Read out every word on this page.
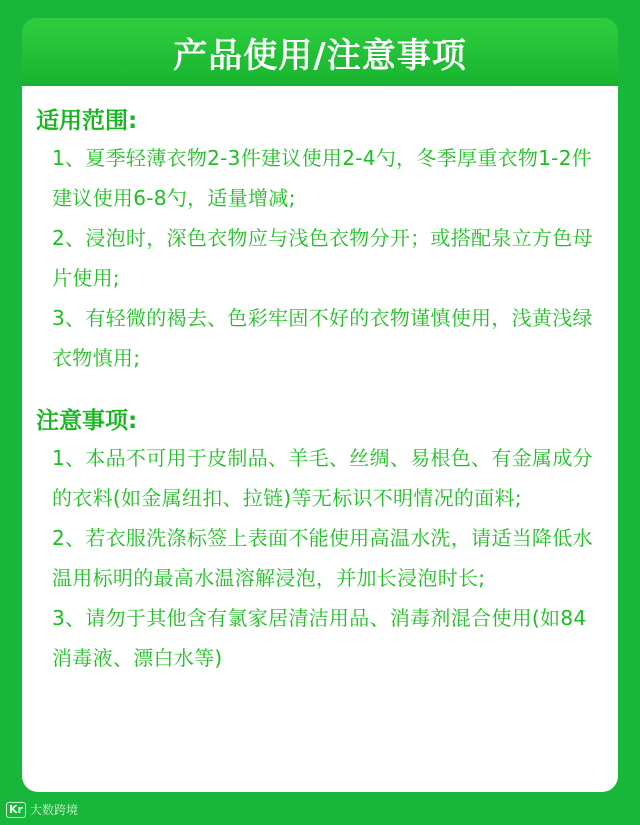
产品使用/注意事项
适用范围:

1、夏季轻薄衣物2-3件建议使用2-4勺，冬季厚重衣物1-2件建议使用6-8勺，适量增减;

2、浸泡时，深色衣物应与浅色衣物分开；或搭配泉立方色母片使用;

3、有轻微的褐去、色彩牢固不好的衣物谨慎使用，浅黄浅绿衣物慎用;

注意事项:

1、本品不可用于皮制品、羊毛、丝绸、易根色、有金属成分的衣料(如金属纽扣、拉链)等无标识不明情况的面料;

2、若衣服洗涤标签上表面不能使用高温水洗，请适当降低水温用标明的最高水温溶解浸泡，并加长浸泡时长;

3、请勿于其他含有氯家居清洁用品、消毒剂混合使用(如84消毒液、漂白水等)

Kr 大数跨境
